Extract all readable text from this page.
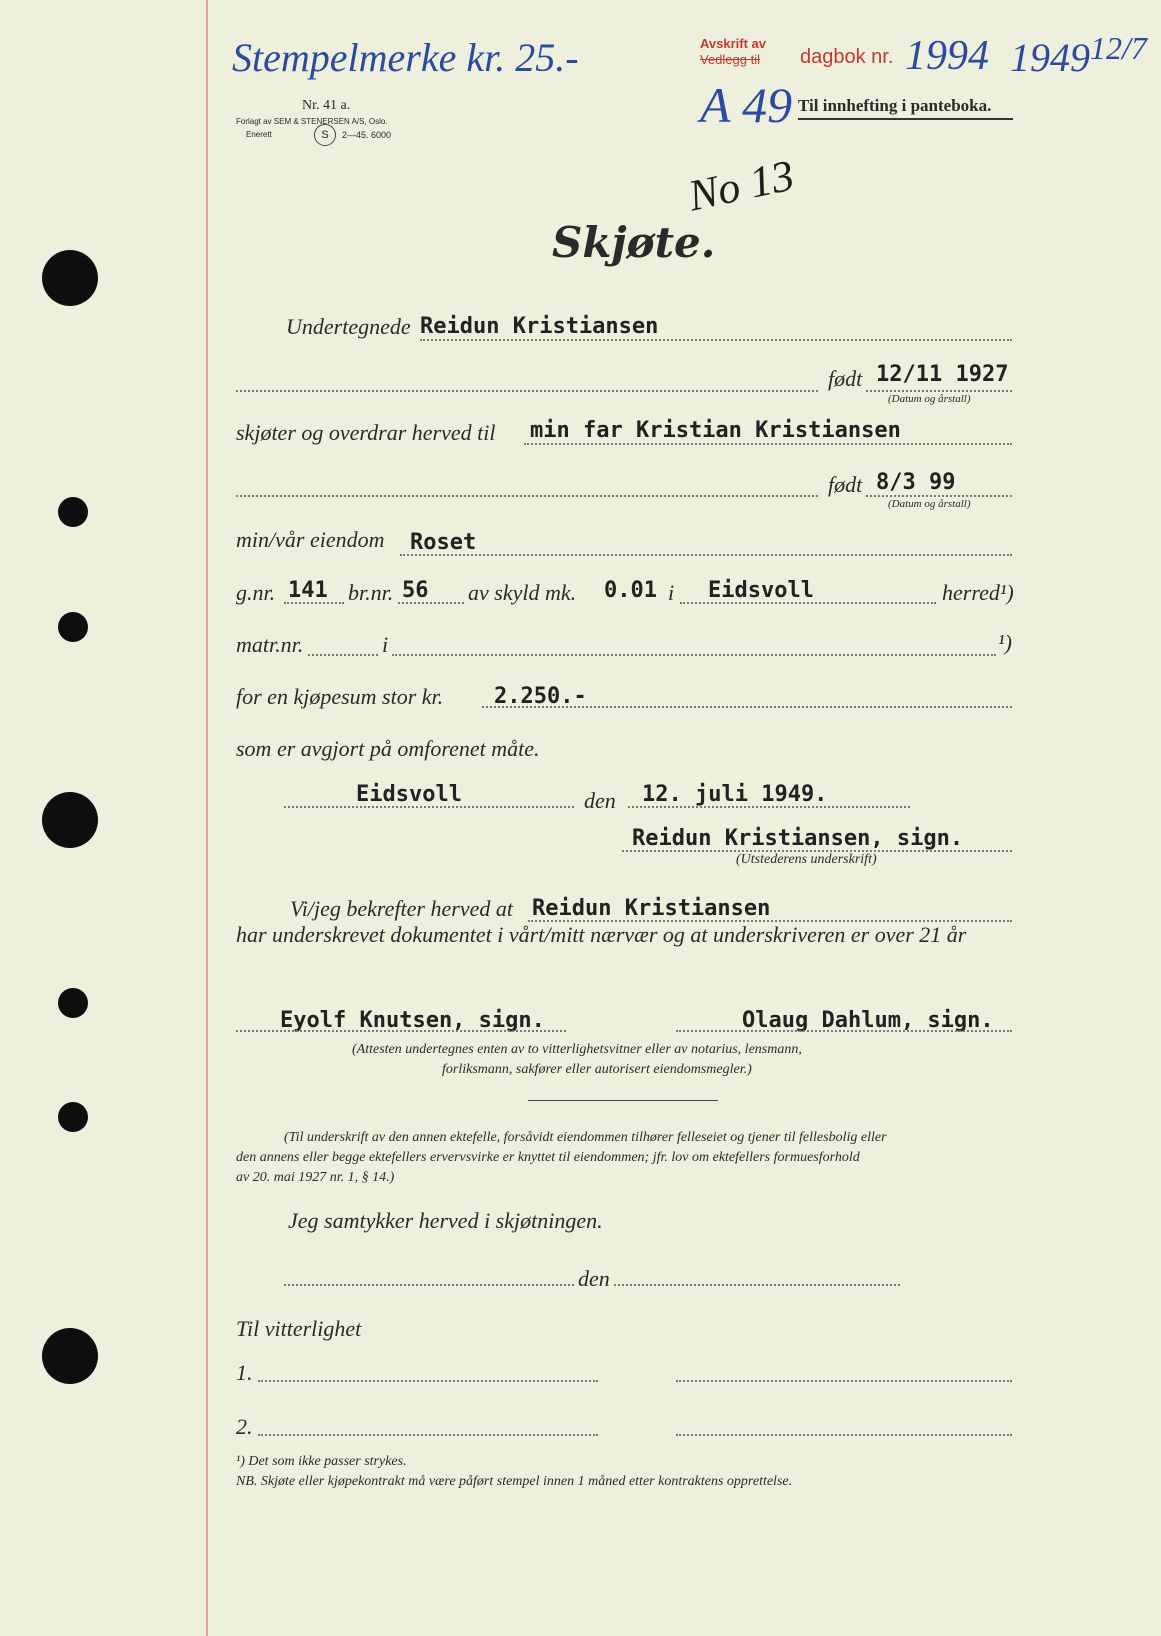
Stempelmerke kr. 25.-	Avskrift av
Vedlegg til dagbok nr. 1994 1949 12/7
A 49 Til innhefting i panteboka.
Nr. 41 a.
Forlagt av SEM & STENERSEN A/S, Oslo.
Enerett	S	2—45. 6000
No 13
Skjøte.
Undertegnede Reidun Kristiansen
født 12/11 1927
(Datum og årstall)
skjøter og overdrar herved til min far Kristian Kristiansen
født 8/3 99
(Datum og årstall)
min/vår eiendom Roset
g.nr. 141 br.nr. 56 av skyld mk. 0.01 i Eidsvoll	herred¹)
matr.nr.	i	¹)
for en kjøpesum stor kr. 2.250.-
som er avgjort på omforenet måte.
Eidsvoll	den 12. juli 1949.
Reidun Kristiansen, sign.
(Utstederens underskrift)
Vi/jeg bekrefter herved at Reidun Kristiansen
har underskrevet dokumentet i vårt/mitt nærvær og at underskriveren er over 21 år
Eyolf Knutsen, sign.	Olaug Dahlum, sign.
(Attesten undertegnes enten av to vitterlighetsvitner eller av notarius, lensmann,
forliksmann, sakfører eller autorisert eiendomsmegler.)
(Til underskrift av den annen ektefelle, forsåvidt eiendommen tilhører felleseiet og tjener til fellesbolig eller
den annens eller begge ektefellers ervervsvirke er knyttet til eiendommen; jfr. lov om ektefellers formuesforhold
av 20. mai 1927 nr. 1, § 14.)
Jeg samtykker herved i skjøtningen.
den
Til vitterlighet
1.
2.
¹) Det som ikke passer strykes.
NB. Skjøte eller kjøpekontrakt må være påført stempel innen 1 måned etter kontraktens opprettelse.
